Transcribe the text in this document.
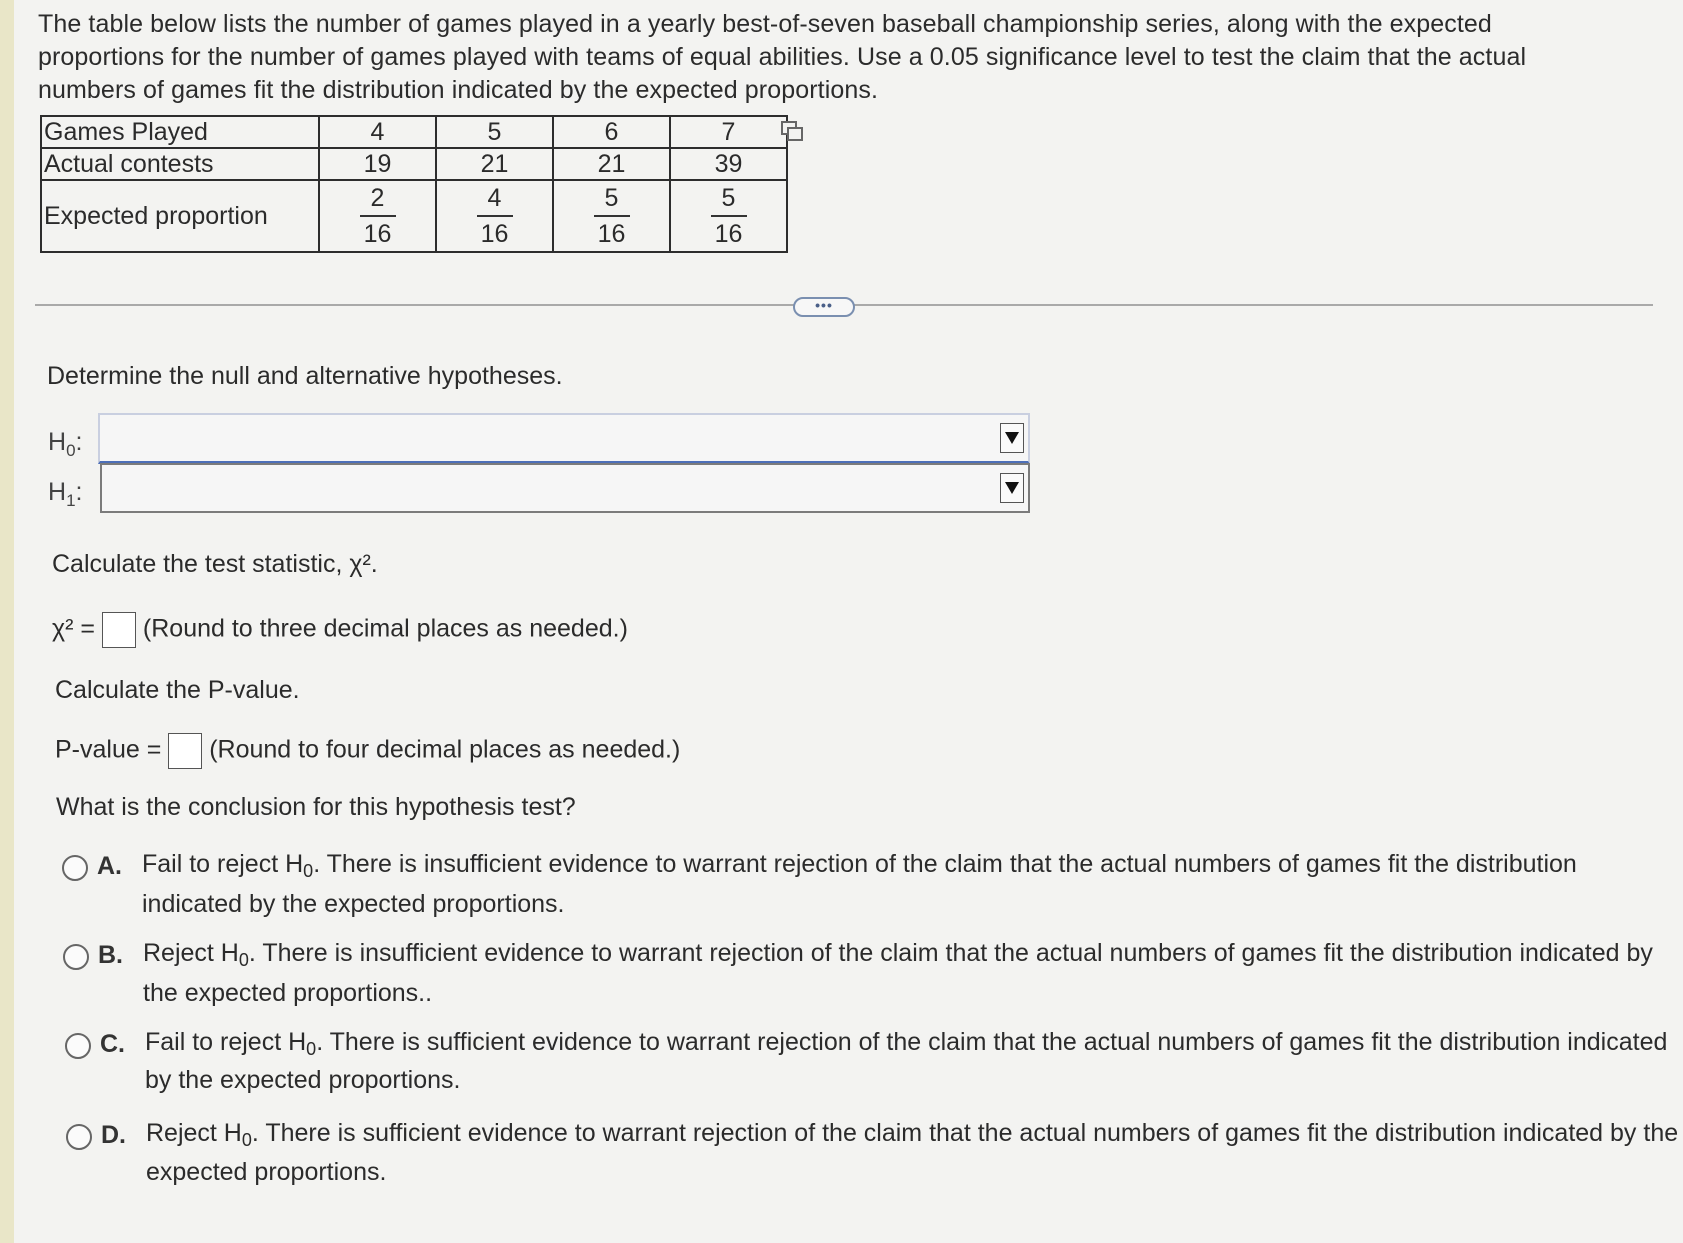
The table below lists the number of games played in a yearly best-of-seven baseball championship series, along with the expected proportions for the number of games played with teams of equal abilities. Use a 0.05 significance level to test the claim that the actual numbers of games fit the distribution indicated by the expected proportions.
Games Played	4	5	6	7
Actual contests	19	21	21	39
Expected proportion	$\frac{2}{16}$	$\frac{4}{16}$	$\frac{5}{16}$	$\frac{5}{16}$
•••
Determine the null and alternative hypotheses.
$H_0$:
$H_1$:
Calculate the test statistic, χ².
χ² = (Round to three decimal places as needed.)
Calculate the P-value.
P-value = (Round to four decimal places as needed.)
What is the conclusion for this hypothesis test?
A. Fail to reject $H_0$. There is insufficient evidence to warrant rejection of the claim that the actual numbers of games fit the distribution
indicated by the expected proportions.
B. Reject $H_0$. There is insufficient evidence to warrant rejection of the claim that the actual numbers of games fit the distribution indicated by
the expected proportions..
C. Fail to reject $H_0$. There is sufficient evidence to warrant rejection of the claim that the actual numbers of games fit the distribution indicated
by the expected proportions.
D. Reject $H_0$. There is sufficient evidence to warrant rejection of the claim that the actual numbers of games fit the distribution indicated by the
expected proportions.
